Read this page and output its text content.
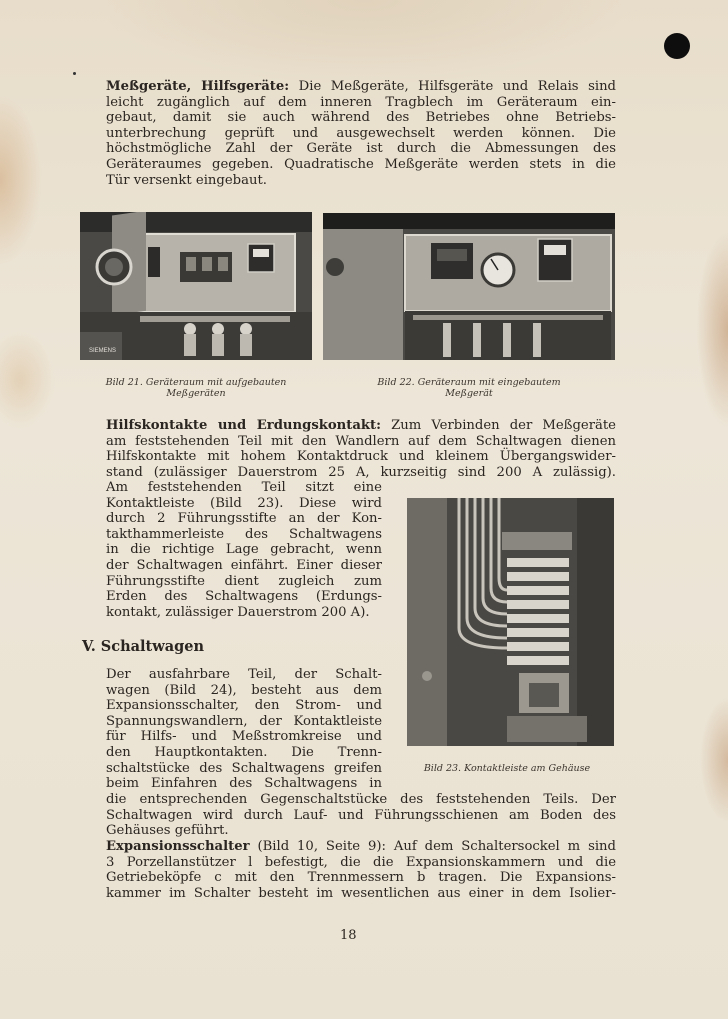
Meßgeräte, Hilfsgeräte: Die Meßgeräte, Hilfsgeräte und Relais sind
leicht zugänglich auf dem inneren Tragblech im Geräteraum ein-
gebaut, damit sie auch während des Betriebes ohne Betriebs-
unterbrechung geprüft und ausgewechselt werden können. Die
höchstmögliche Zahl der Geräte ist durch die Abmessungen des
Geräteraumes gegeben. Quadratische Meßgeräte werden stets in die
Tür versenkt eingebaut.
SIEMENS
Bild 21. Geräteraum mit aufgebauten
Meßgeräten
Bild 22. Geräteraum mit eingebautem
Meßgerät
Hilfskontakte und Erdungskontakt: Zum Verbinden der Meßgeräte
am feststehenden Teil mit den Wandlern auf dem Schaltwagen dienen
Hilfskontakte mit hohem Kontaktdruck und kleinem Übergangswider-
stand (zulässiger Dauerstrom 25 A, kurzseitig sind 200 A zulässig).
Am feststehenden Teil sitzt eine
Kontaktleiste (Bild 23). Diese wird
durch 2 Führungsstifte an der Kon-
takthammerleiste des Schaltwagens
in die richtige Lage gebracht, wenn
der Schaltwagen einfährt. Einer dieser
Führungsstifte dient zugleich zum
Erden des Schaltwagens (Erdungs-
kontakt, zulässiger Dauerstrom 200 A).
Bild 23. Kontaktleiste am Gehäuse
V. Schaltwagen
Der ausfahrbare Teil, der Schalt-
wagen (Bild 24), besteht aus dem
Expansionsschalter, den Strom- und
Spannungswandlern, der Kontaktleiste
für Hilfs- und Meßstromkreise und
den Hauptkontakten. Die Trenn-
schaltstücke des Schaltwagens greifen
beim Einfahren des Schaltwagens in
die entsprechenden Gegenschaltstücke des feststehenden Teils. Der
Schaltwagen wird durch Lauf- und Führungsschienen am Boden des
Gehäuses geführt.
Expansionsschalter (Bild 10, Seite 9): Auf dem Schaltersockel m sind
3 Porzellanstützer l befestigt, die die Expansionskammern und die
Getriebeköpfe c mit den Trennmessern b tragen. Die Expansions-
kammer im Schalter besteht im wesentlichen aus einer in dem Isolier-
18
